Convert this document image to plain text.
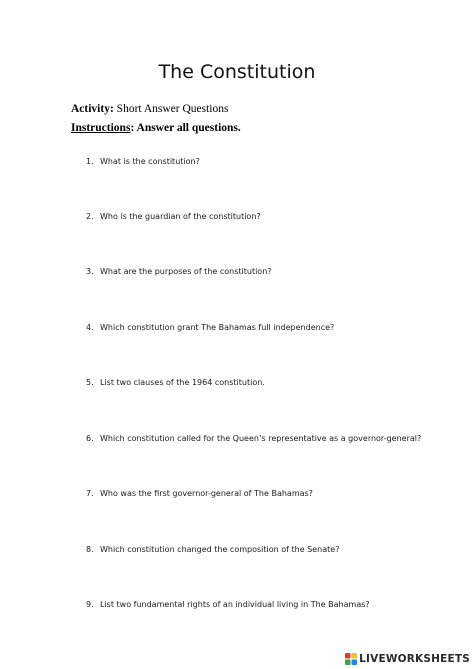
The Constitution
Activity: Short Answer Questions
Instructions: Answer all questions.
1. What is the constitution?
2. Who is the guardian of the constitution?
3. What are the purposes of the constitution?
4. Which constitution grant The Bahamas full independence?
5. List two clauses of the 1964 constitution.
6. Which constitution called for the Queen’s representative as a governor-general?
7. Who was the first governor-general of The Bahamas?
8. Which constitution changed the composition of the Senate?
9. List two fundamental rights of an individual living in The Bahamas?
LIVEWORKSHEETS
